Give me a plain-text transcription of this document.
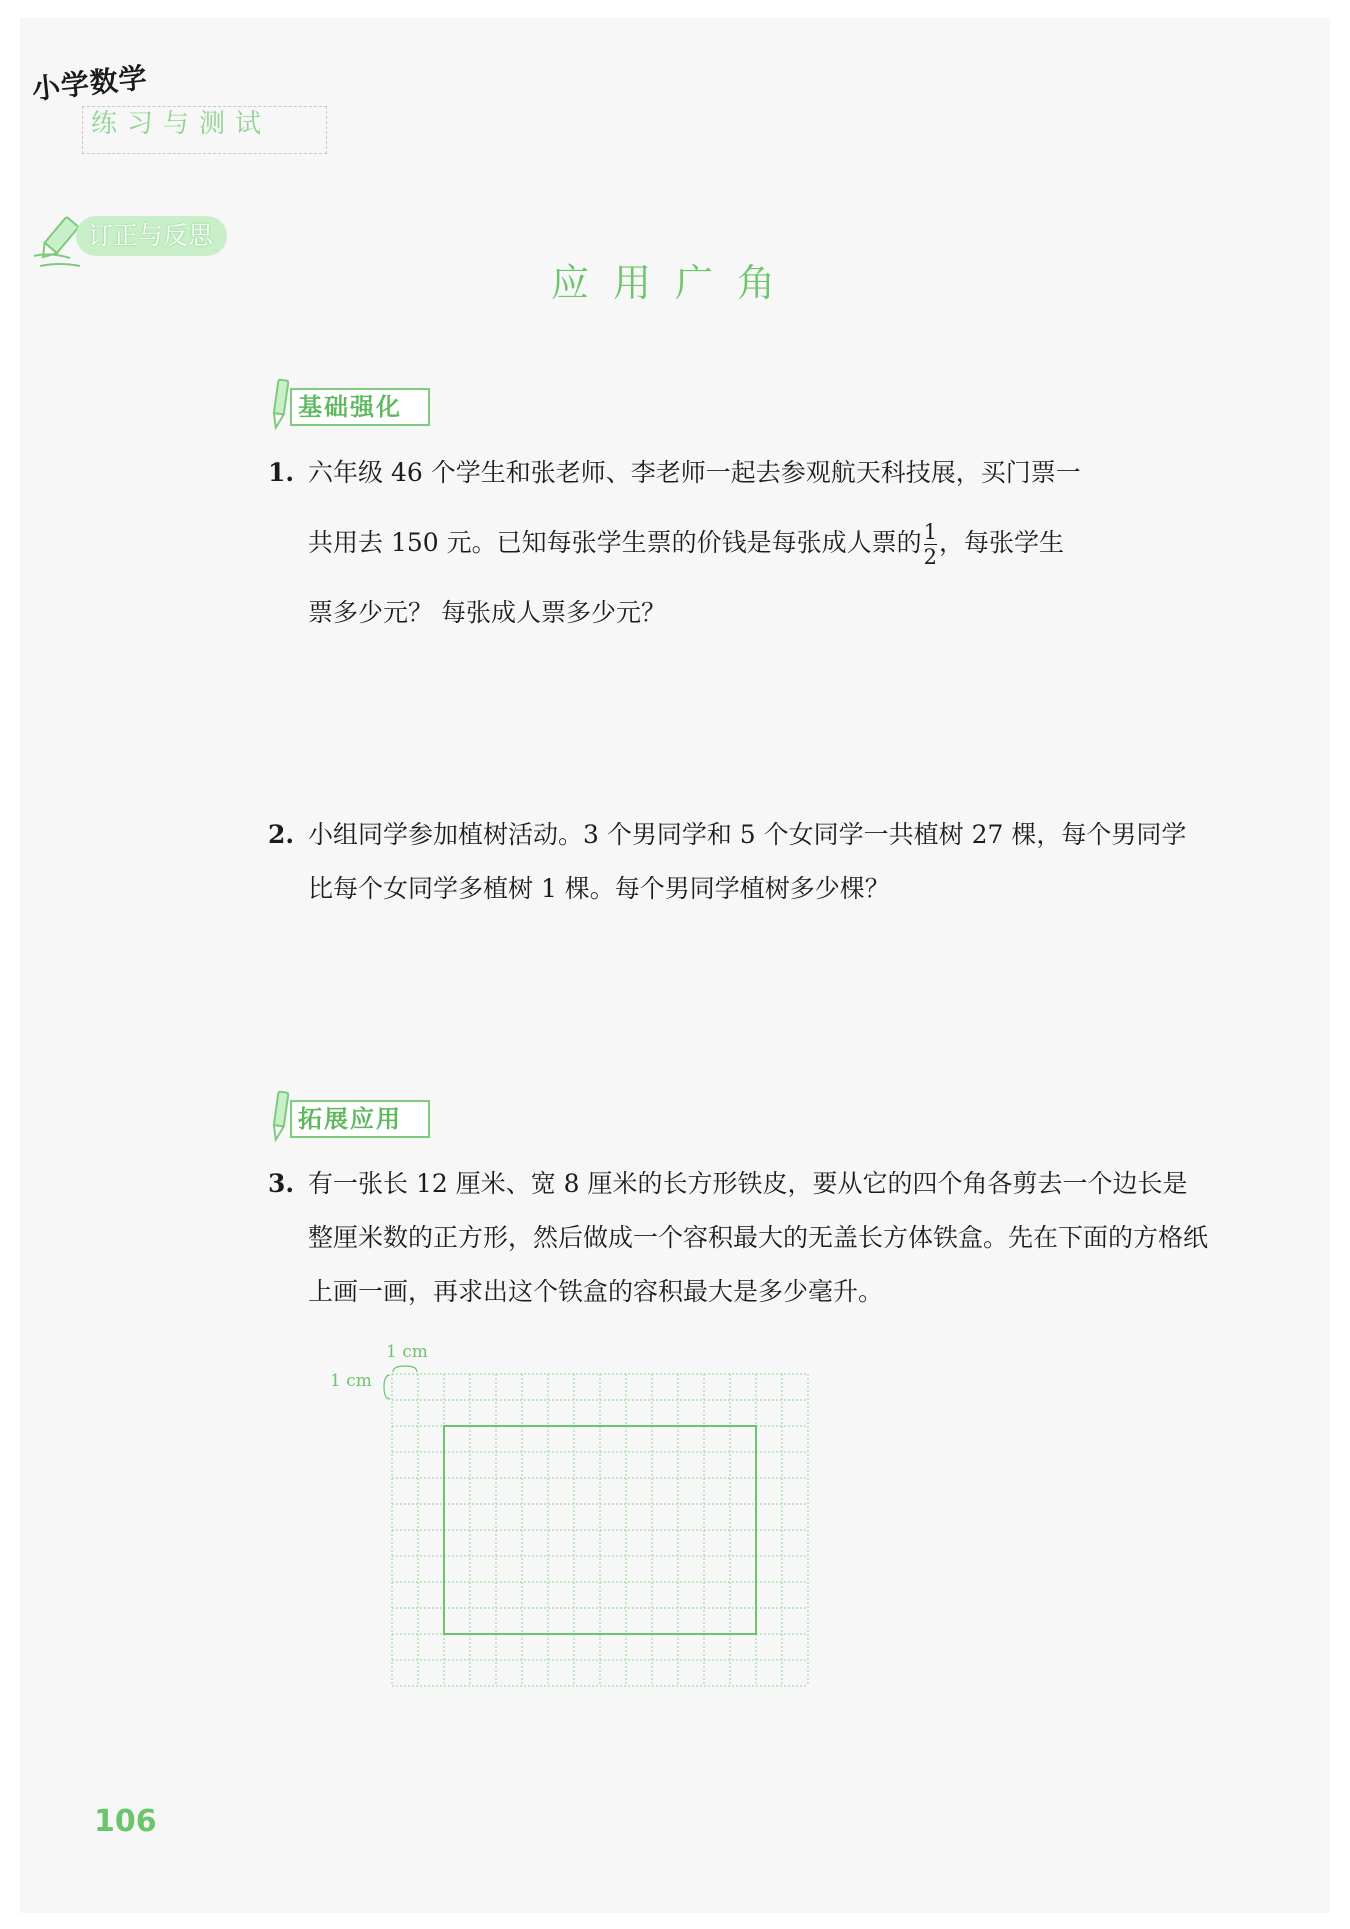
小学数学
练习与测试
订正与反思
应用广角
基础强化
1. 六年级 46 个学生和张老师、李老师一起去参观航天科技展，买门票一
共用去 150 元。已知每张学生票的价钱是每张成人票的 $\frac{1}{2}$ ，每张学生
票多少元？ 每张成人票多少元？
2. 小组同学参加植树活动。3 个男同学和 5 个女同学一共植树 27 棵，每个男同学比每个女同学多植树 1 棵。每个男同学植树多少棵？
拓展应用
3. 有一张长 12 厘米、宽 8 厘米的长方形铁皮，要从它的四个角各剪去一个边长是整厘米数的正方形，然后做成一个容积最大的无盖长方体铁盒。先在下面的方格纸上画一画，再求出这个铁盒的容积最大是多少毫升。
1 cm
1 cm
106
